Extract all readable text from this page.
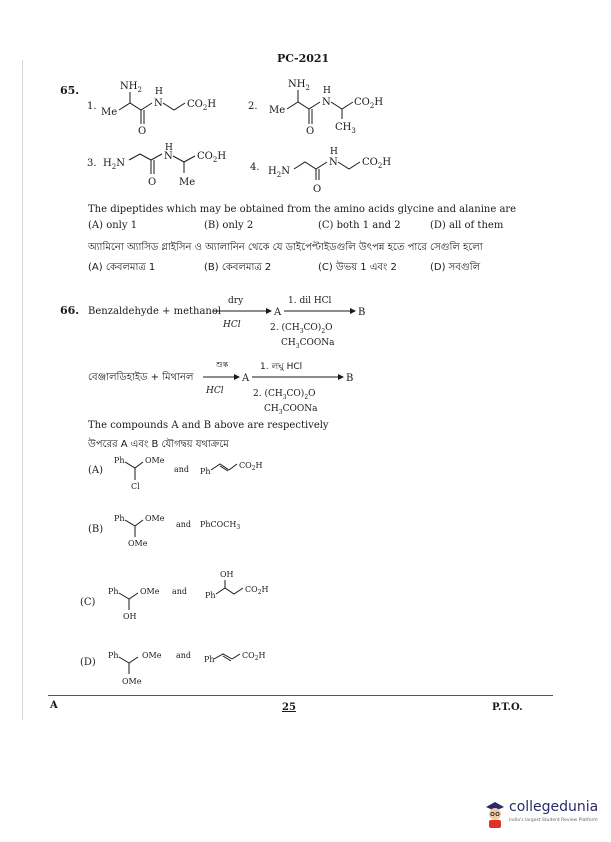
PC-2021
65.
1.
Me
$NH_2$
O
H
N $CO_2H$	2. Me
$NH_2$
O
H
N
$CH_3$
$CO_2H$
3. $H_2N$
O
H
N
Me
$CO_2H$
4. $H_2N$
O
H
N $CO_2H$
The dipeptides which may be obtained from the amino acids glycine and alanine are
(A) only 1	(B) only 2	(C) both 1 and 2	(D) all of them
অ্যামিনো অ্যাসিড গ্লাইসিন ও অ্যালানিন থেকে যে ডাইপেপ্টাইডগুলি উৎপন্ন হতে পারে সেগুলি হলো
(A) কেবলমাত্র 1	(B) কেবলমাত্র 2	(C) উভয় 1 এবং 2	(D) সবগুলি
66. Benzaldehyde + methanol
dry
HCl
A
1. dil HCl
B
2. $(CH_3CO)_2O$
$CH_3COONa$
বেঞ্জালডিহাইড + মিথানল
শুষ্ক
HCl
A
1. লঘু HCl
B
2. $(CH_3CO)_2O$
$CH_3COONa$
The compounds A and B above are respectively
উপরের A এবং B যৌগদ্বয় যথাক্রমে
(A)
Ph	OMe
Cl
and Ph
$CO_2H$
(B)
Ph	OMe
OMe
and PhCOCH$_3$
(C)
Ph	OMe
OH
and Ph
OH
$CO_2H$
(D)
Ph	OMe
OMe
and Ph	$CO_2H$
A	25	P.T.O.
collegedunia
India's largest Student Review Platform
